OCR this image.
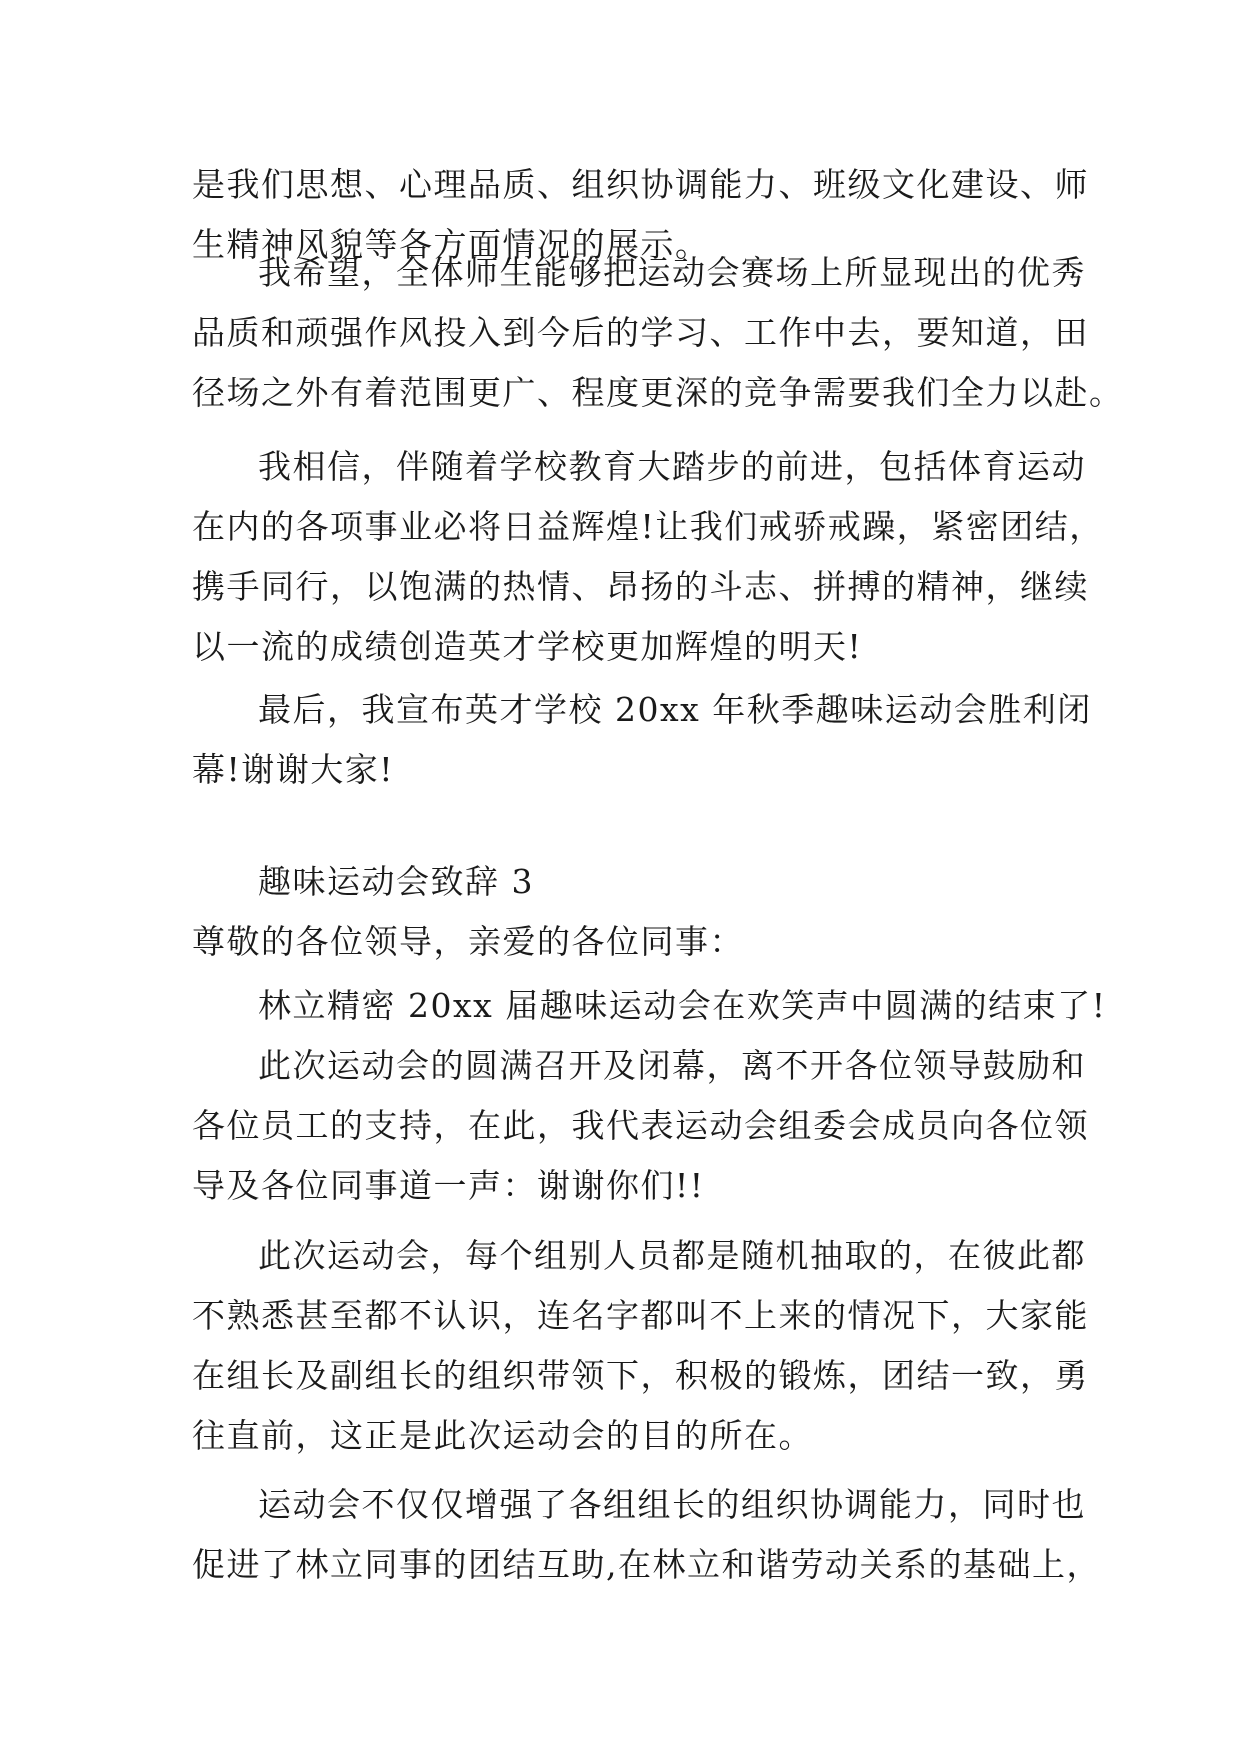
是我们思想、心理品质、组织协调能力、班级文化建设、师
生精神风貌等各方面情况的展示。
我希望，全体师生能够把运动会赛场上所显现出的优秀
品质和顽强作风投入到今后的学习、工作中去，要知道，田
径场之外有着范围更广、程度更深的竞争需要我们全力以赴。
我相信，伴随着学校教育大踏步的前进，包括体育运动
在内的各项事业必将日益辉煌!让我们戒骄戒躁，紧密团结，
携手同行，以饱满的热情、昂扬的斗志、拼搏的精神，继续
以一流的成绩创造英才学校更加辉煌的明天!
最后，我宣布英才学校 20xx 年秋季趣味运动会胜利闭
幕!谢谢大家!
趣味运动会致辞 3
尊敬的各位领导，亲爱的各位同事：
林立精密 20xx 届趣味运动会在欢笑声中圆满的结束了!
此次运动会的圆满召开及闭幕，离不开各位领导鼓励和
各位员工的支持，在此，我代表运动会组委会成员向各位领
导及各位同事道一声：谢谢你们!!
此次运动会，每个组别人员都是随机抽取的，在彼此都
不熟悉甚至都不认识，连名字都叫不上来的情况下，大家能
在组长及副组长的组织带领下，积极的锻炼，团结一致，勇
往直前，这正是此次运动会的目的所在。
运动会不仅仅增强了各组组长的组织协调能力，同时也
促进了林立同事的团结互助,在林立和谐劳动关系的基础上，
